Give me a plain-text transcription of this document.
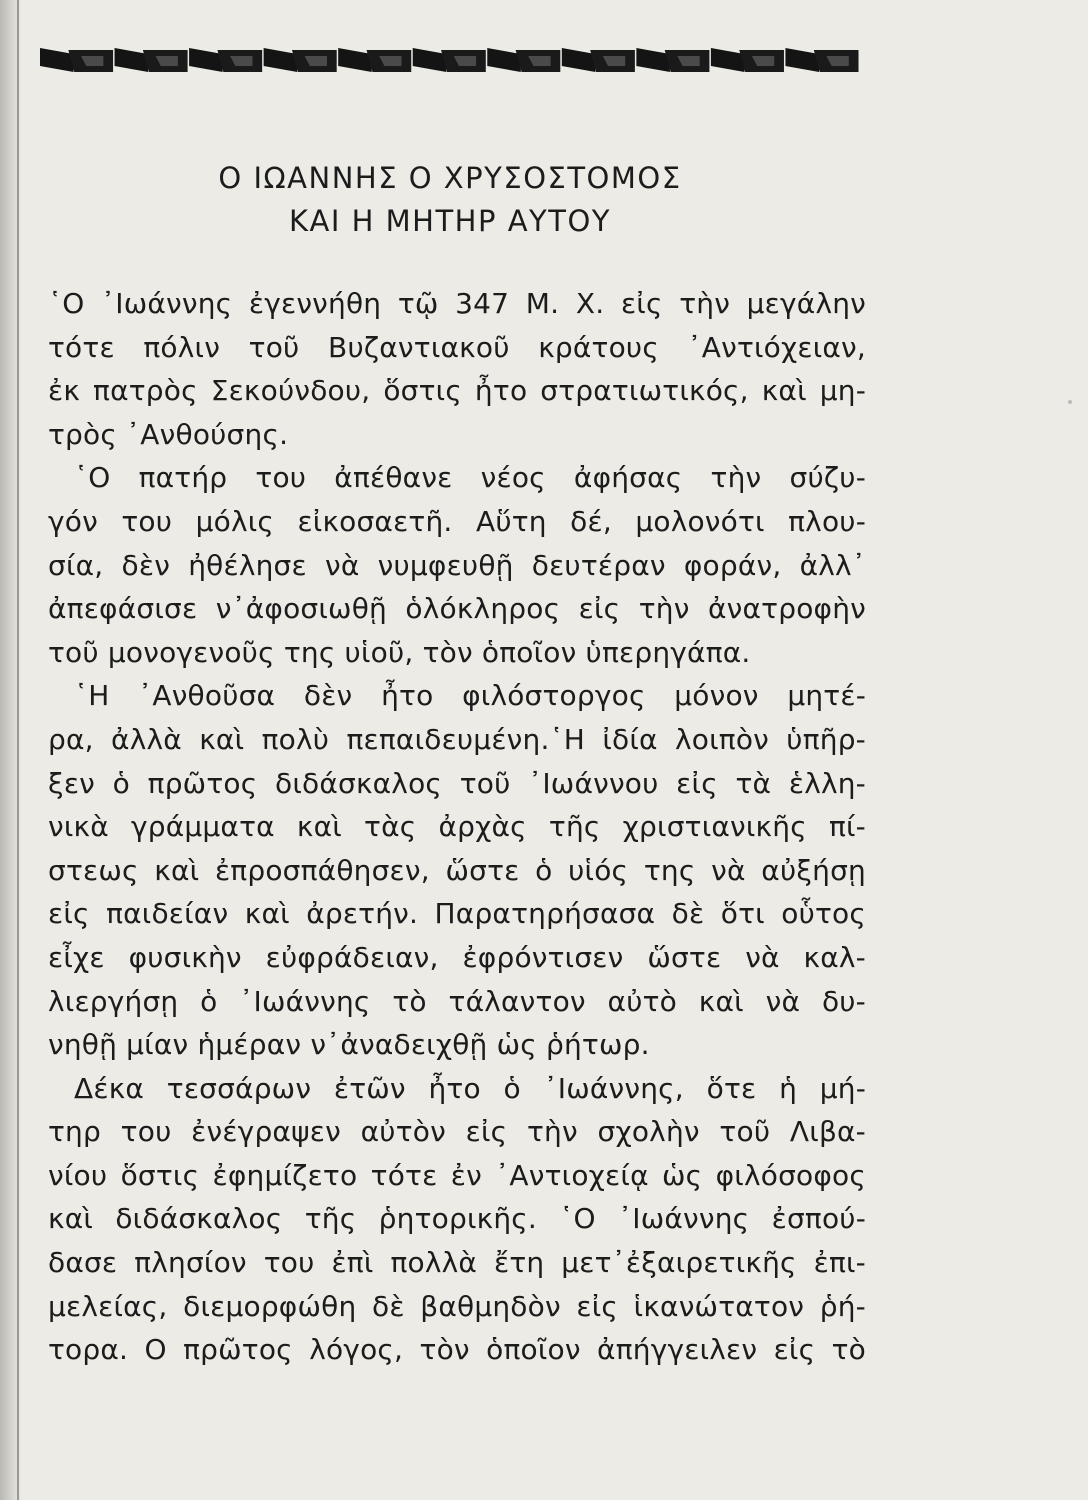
Ο ΙΩΑΝΝΗΣ Ο ΧΡΥΣΟΣΤΟΜΟΣ
ΚΑΙ Η ΜΗΤΗΡ ΑΥΤΟΥ

῾Ο ᾿Ιωάννης ἐγεννήθη τῷ 347 Μ. Χ. εἰς τὴν μεγάλην
τότε πόλιν τοῦ Βυζαντιακοῦ κράτους ᾿Αντιόχειαν,
ἐκ πατρὸς Σεκούνδου, ὅστις ἦτο στρατιωτικός, καὶ μη-
τρὸς ᾿Ανθούσης.

῾Ο πατήρ του ἀπέθανε νέος ἀφήσας τὴν σύζυ-
γόν του μόλις εἰκοσαετῆ. Αὕτη δέ, μολονότι πλου-
σία, δὲν ἠθέλησε νὰ νυμφευθῇ δευτέραν φοράν, ἀλλ᾽
ἀπεφάσισε ν᾿ἀφοσιωθῇ ὁλόκληρος εἰς τὴν ἀνατροφὴν
τοῦ μονογενοῦς της υἱοῦ, τὸν ὁποῖον ὑπερηγάπα.

῾Η ᾿Ανθοῦσα δὲν ἦτο φιλόστοργος μόνον μητέ-
ρα, ἀλλὰ καὶ πολὺ πεπαιδευμένη.῾Η ἰδία λοιπὸν ὑπῆρ-
ξεν ὁ πρῶτος διδάσκαλος τοῦ ᾿Ιωάννου εἰς τὰ ἑλλη-
νικὰ γράμματα καὶ τὰς ἀρχὰς τῆς χριστιανικῆς πί-
στεως καὶ ἐπροσπάθησεν, ὥστε ὁ υἱός της νὰ αὐξήσῃ
εἰς παιδείαν καὶ ἀρετήν. Παρατηρήσασα δὲ ὅτι οὗτος
εἶχε φυσικὴν εὐφράδειαν, ἐφρόντισεν ὥστε νὰ καλ-
λιεργήσῃ ὁ ᾿Ιωάννης τὸ τάλαντον αὐτὸ καὶ νὰ δυ-
νηθῇ μίαν ἡμέραν ν᾿ἀναδειχθῇ ὡς ῥήτωρ.

Δέκα τεσσάρων ἐτῶν ἦτο ὁ ᾿Ιωάννης, ὅτε ἡ μή-
τηρ του ἐνέγραψεν αὐτὸν εἰς τὴν σχολὴν τοῦ Λιβα-
νίου ὅστις ἐφημίζετο τότε ἐν ᾿Αντιοχείᾳ ὡς φιλόσοφος
καὶ διδάσκαλος τῆς ῥητορικῆς. ῾Ο ᾿Ιωάννης ἐσπού-
δασε πλησίον του ἐπὶ πολλὰ ἔτη μετ᾿ἐξαιρετικῆς ἐπι-
μελείας, διεμορφώθη δὲ βαθμηδὸν εἰς ἱκανώτατον ῥή-
τορα. Ο πρῶτος λόγος, τὸν ὁποῖον ἀπήγγειλεν εἰς τὸ
